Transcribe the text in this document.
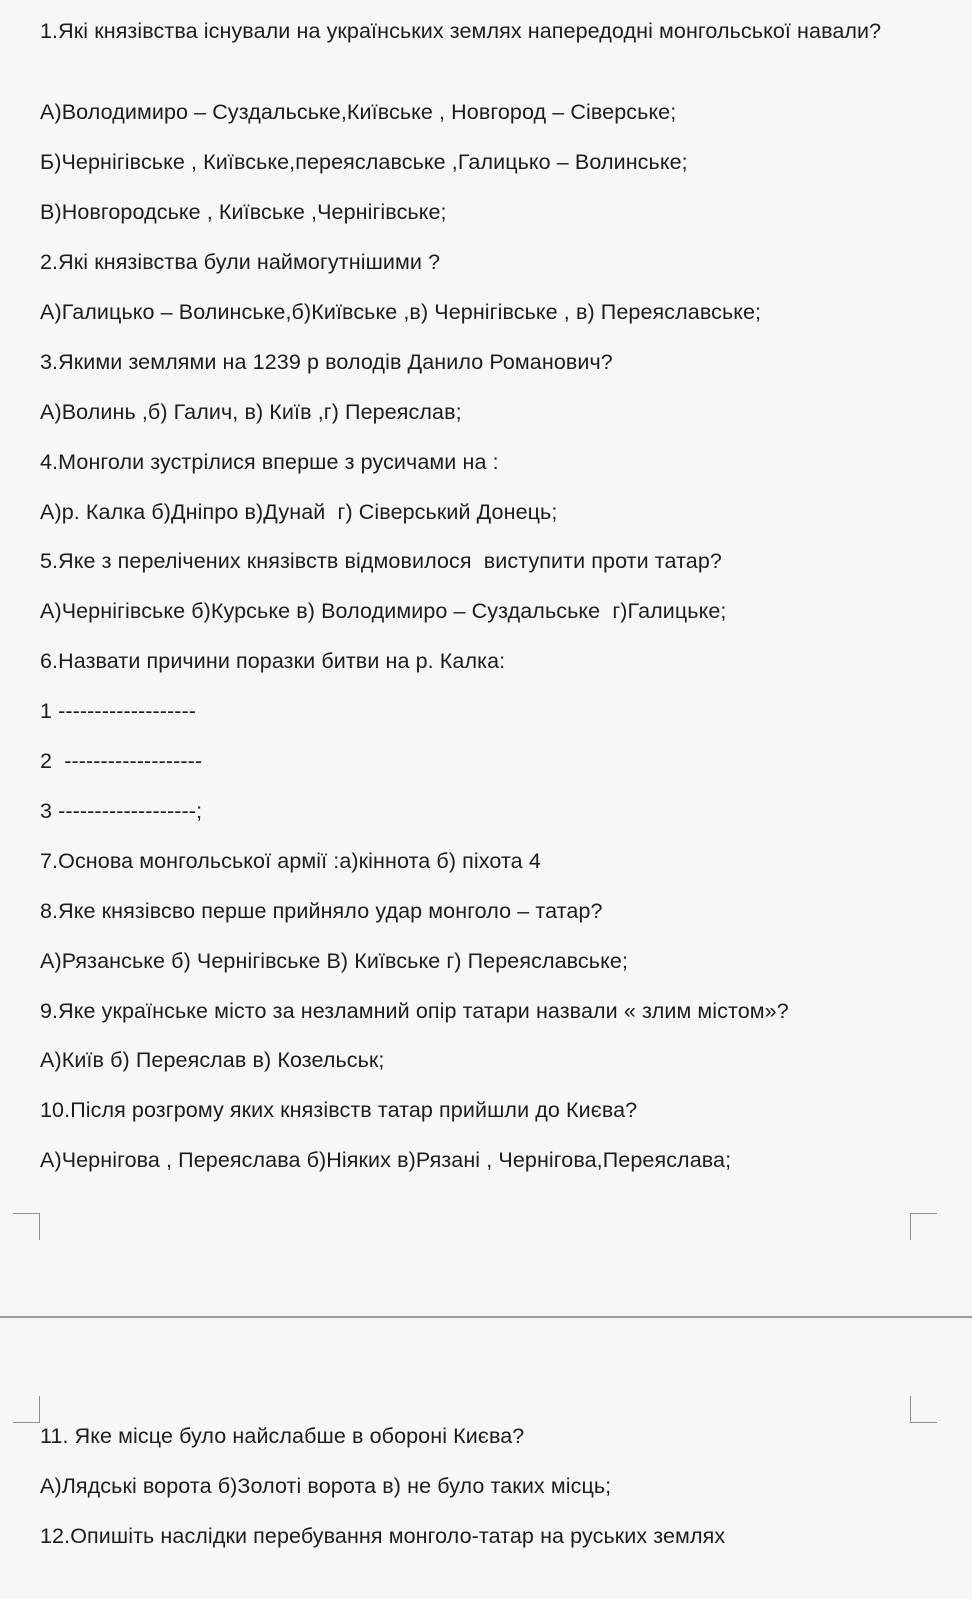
1.Які князівства існували на українських землях напередодні монгольської навали?
А)Володимиро – Суздальське,Київське , Новгород – Сіверське;
Б)Чернігівське , Київське,переяславське ,Галицько – Волинське;
В)Новгородське , Київське ,Чернігівське;
2.Які князівства були наймогутнішими ?
А)Галицько – Волинське,б)Київське ,в) Чернігівське , в) Переяславське;
3.Якими землями на 1239 р володів Данило Романович?
А)Волинь ,б) Галич, в) Київ ,г) Переяслав;
4.Монголи зустрілися вперше з русичами на :
А)р. Калка б)Дніпро в)Дунай  г) Сіверський Донець;
5.Яке з перелічених князівств відмовилося  виступити проти татар?
А)Чернігівське б)Курське в) Володимиро – Суздальське  г)Галицьке;
6.Назвати причини поразки битви на р. Калка:
1 -------------------
2  -------------------
3 -------------------;
7.Основа монгольської армії :а)кіннота б) піхота 4
8.Яке князівсво перше прийняло удар монголо – татар?
А)Рязанське б) Чернігівське В) Київське г) Переяславське;
9.Яке українське місто за незламний опір татари назвали « злим містом»?
А)Київ б) Переяслав в) Козельськ;
10.Після розгрому яких князівств татар прийшли до Києва?
А)Чернігова , Переяслава б)Ніяких в)Рязані , Чернігова,Переяслава;
11. Яке місце було найслабше в обороні Києва?
А)Лядські ворота б)Золоті ворота в) не було таких місць;
12.Опишіть наслідки перебування монголо-татар на руських землях
